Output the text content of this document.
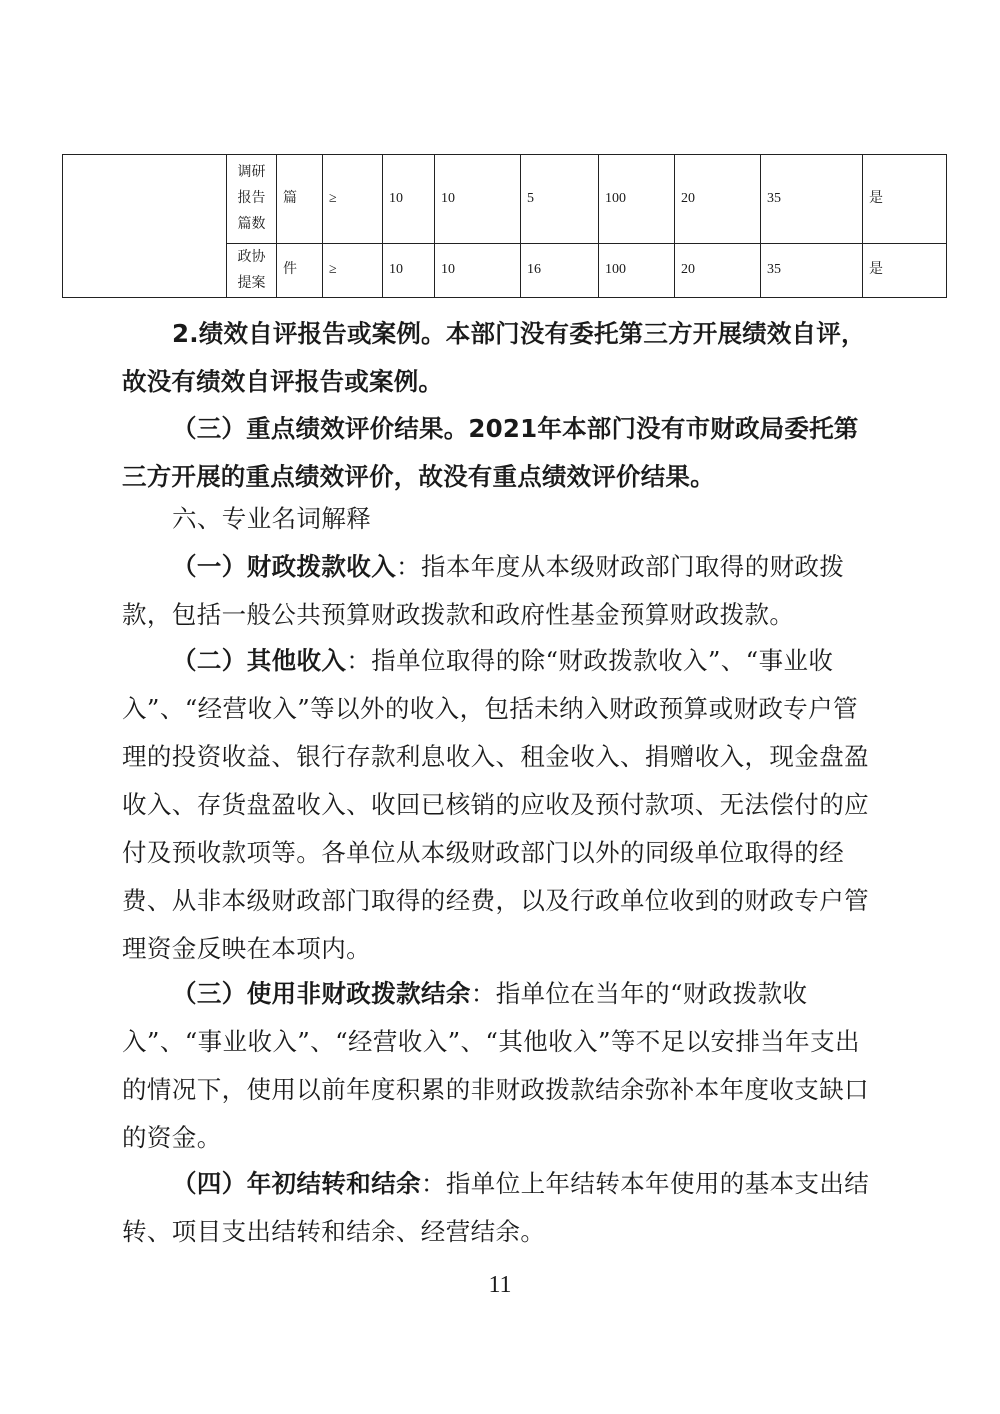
	调研
报告
篇数	篇	≥	10	10	5	100	20	35	是

	政协
提案	件	≥	10	10	16	100	20	35	是

2.绩效自评报告或案例。本部门没有委托第三方开展绩效自评，故没有绩效自评报告或案例。

（三）重点绩效评价结果。2021年本部门没有市财政局委托第三方开展的重点绩效评价，故没有重点绩效评价结果。

六、专业名词解释

（一）财政拨款收入：指本年度从本级财政部门取得的财政拨款，包括一般公共预算财政拨款和政府性基金预算财政拨款。

（二）其他收入：指单位取得的除“财政拨款收入”、“事业收入”、“经营收入”等以外的收入，包括未纳入财政预算或财政专户管理的投资收益、银行存款利息收入、租金收入、捐赠收入，现金盘盈收入、存货盘盈收入、收回已核销的应收及预付款项、无法偿付的应付及预收款项等。各单位从本级财政部门以外的同级单位取得的经费、从非本级财政部门取得的经费，以及行政单位收到的财政专户管理资金反映在本项内。

（三）使用非财政拨款结余：指单位在当年的“财政拨款收入”、“事业收入”、“经营收入”、“其他收入”等不足以安排当年支出的情况下，使用以前年度积累的非财政拨款结余弥补本年度收支缺口的资金。

（四）年初结转和结余：指单位上年结转本年使用的基本支出结转、项目支出结转和结余、经营结余。

11
